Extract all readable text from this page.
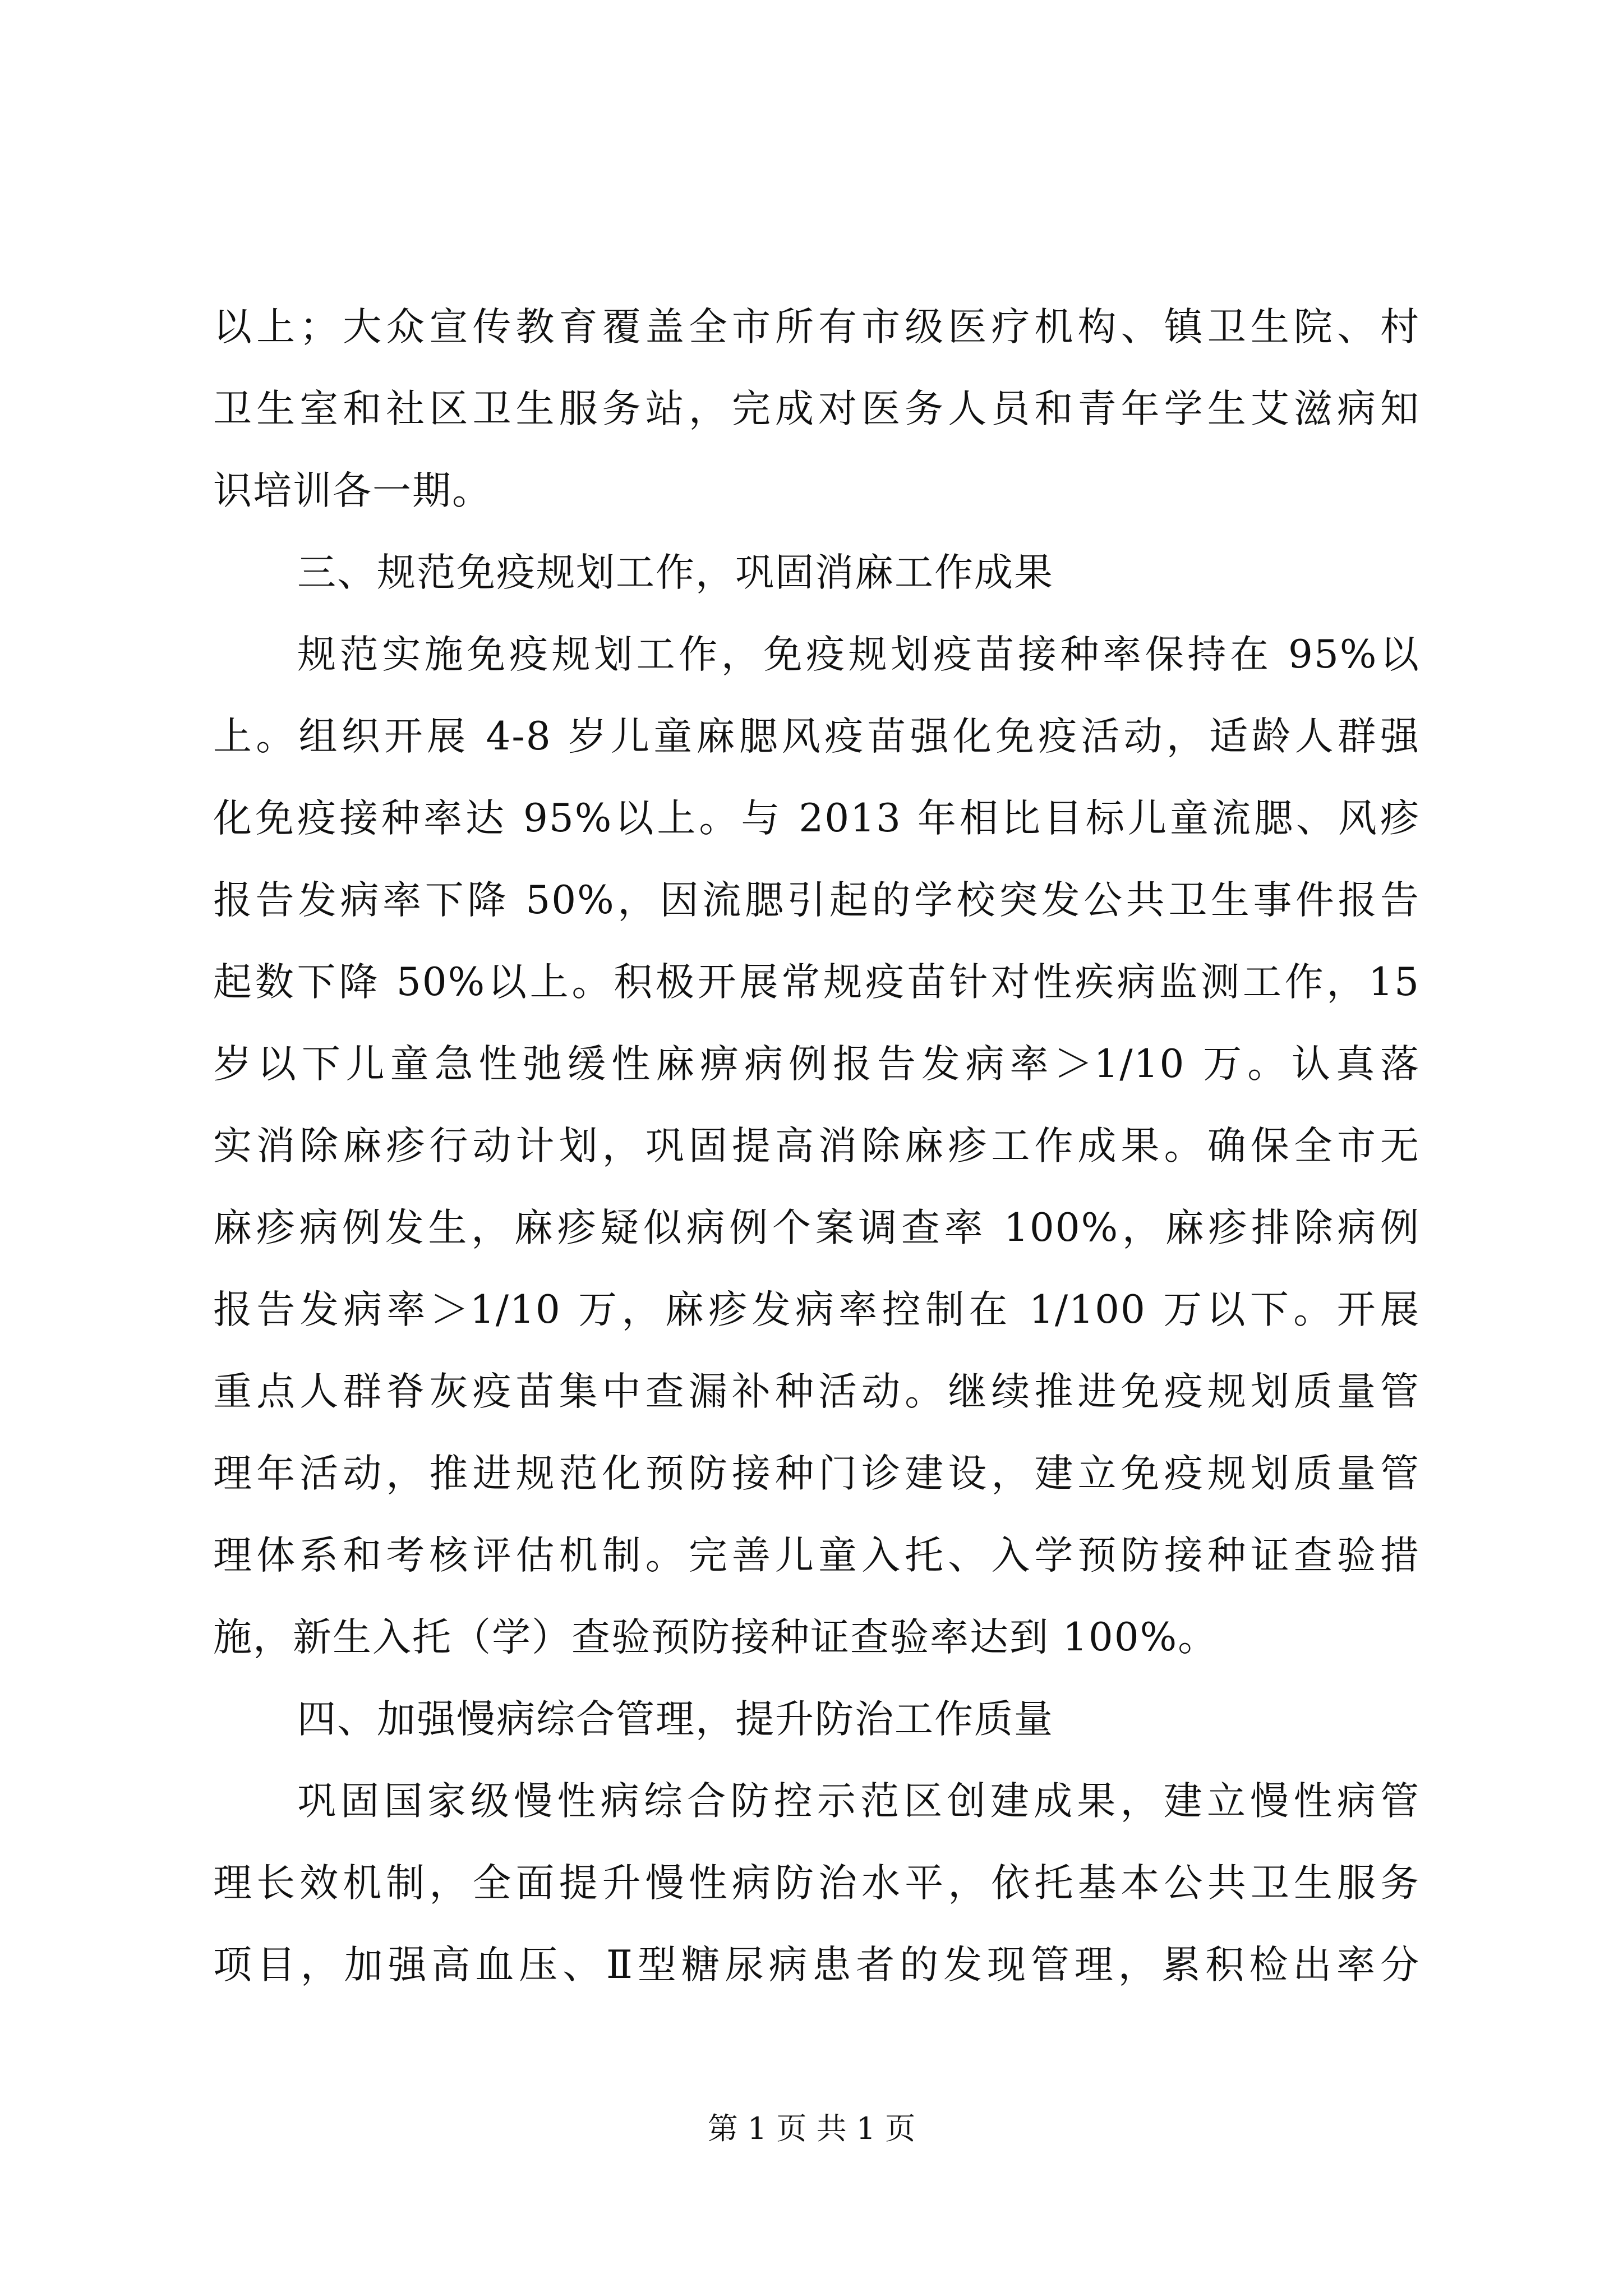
以上；大众宣传教育覆盖全市所有市级医疗机构、镇卫生院、村
卫生室和社区卫生服务站，完成对医务人员和青年学生艾滋病知
识培训各一期。
三、规范免疫规划工作，巩固消麻工作成果
规范实施免疫规划工作，免疫规划疫苗接种率保持在 95%以
上。组织开展 4-8 岁儿童麻腮风疫苗强化免疫活动，适龄人群强
化免疫接种率达 95%以上。与 2013 年相比目标儿童流腮、风疹
报告发病率下降 50%，因流腮引起的学校突发公共卫生事件报告
起数下降 50%以上。积极开展常规疫苗针对性疾病监测工作，15
岁以下儿童急性弛缓性麻痹病例报告发病率＞1/10 万。认真落
实消除麻疹行动计划，巩固提高消除麻疹工作成果。确保全市无
麻疹病例发生，麻疹疑似病例个案调查率 100%，麻疹排除病例
报告发病率＞1/10 万，麻疹发病率控制在 1/100 万以下。开展
重点人群脊灰疫苗集中查漏补种活动。继续推进免疫规划质量管
理年活动，推进规范化预防接种门诊建设，建立免疫规划质量管
理体系和考核评估机制。完善儿童入托、入学预防接种证查验措
施，新生入托（学）查验预防接种证查验率达到 100%。
四、加强慢病综合管理，提升防治工作质量
巩固国家级慢性病综合防控示范区创建成果，建立慢性病管
理长效机制，全面提升慢性病防治水平，依托基本公共卫生服务
项目，加强高血压、Ⅱ型糖尿病患者的发现管理，累积检出率分
第 1 页 共 1 页
